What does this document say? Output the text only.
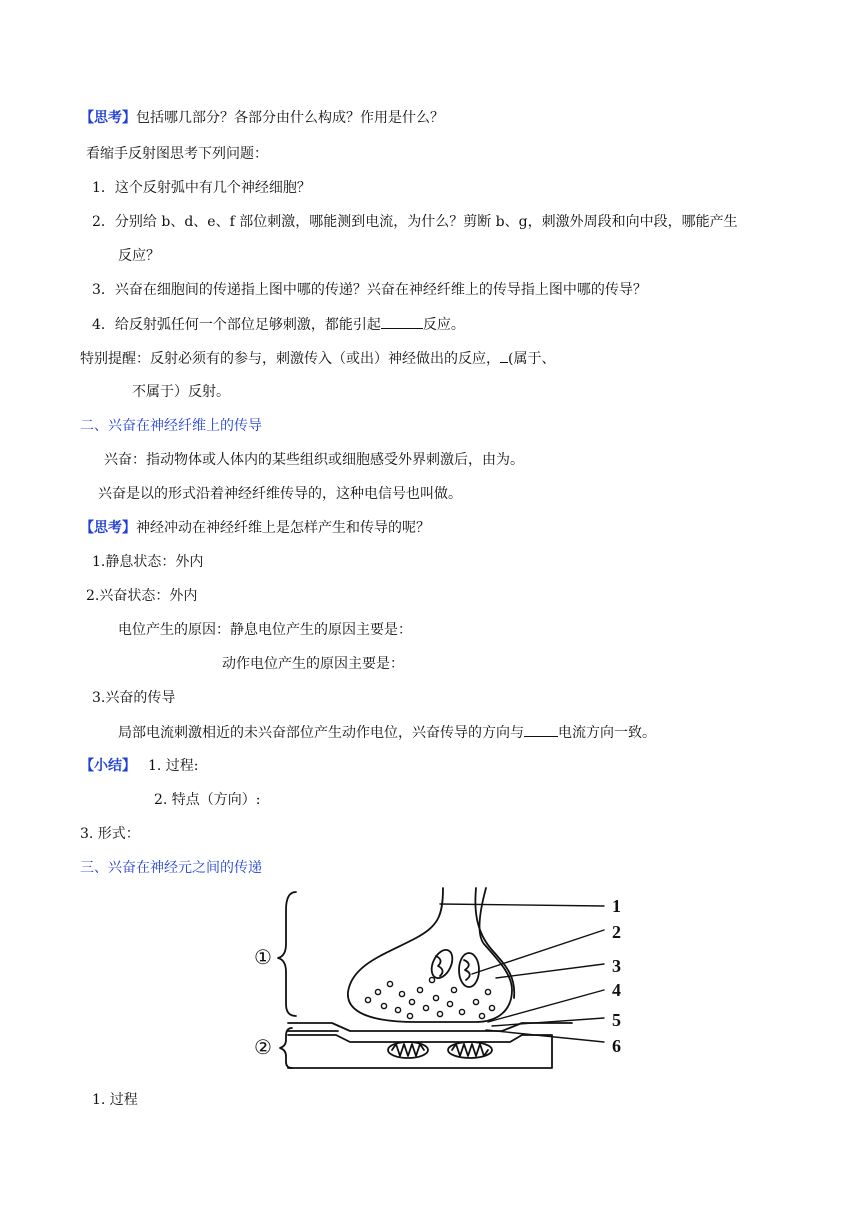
【思考】包括哪几部分？各部分由什么构成？作用是什么？
看缩手反射图思考下列问题：
1．这个反射弧中有几个神经细胞？
2．分别给 b、d、e、f 部位刺激，哪能测到电流，为什么？剪断 b、g，刺激外周段和向中段，哪能产生
反应？
3．兴奋在细胞间的传递指上图中哪的传递？兴奋在神经纤维上的传导指上图中哪的传导？
4．给反射弧任何一个部位足够刺激，都能引起	反应。
特别提醒：反射必须有的参与，刺激传入（或出）神经做出的反应， (属于、
不属于）反射。
二、兴奋在神经纤维上的传导
兴奋：指动物体或人体内的某些组织或细胞感受外界刺激后，由为。
兴奋是以的形式沿着神经纤维传导的，这种电信号也叫做。
【思考】神经冲动在神经纤维上是怎样产生和传导的呢？
1.静息状态：外内
2.兴奋状态：外内
电位产生的原因：静息电位产生的原因主要是：
动作电位产生的原因主要是：
3.兴奋的传导
局部电流刺激相近的未兴奋部位产生动作电位，兴奋传导的方向与 电流方向一致。
【小结】 1. 过程:
2. 特点（方向）:
3. 形式：
三、兴奋在神经元之间的传递
1
2
3
4
5
6
①
②
1. 过程
